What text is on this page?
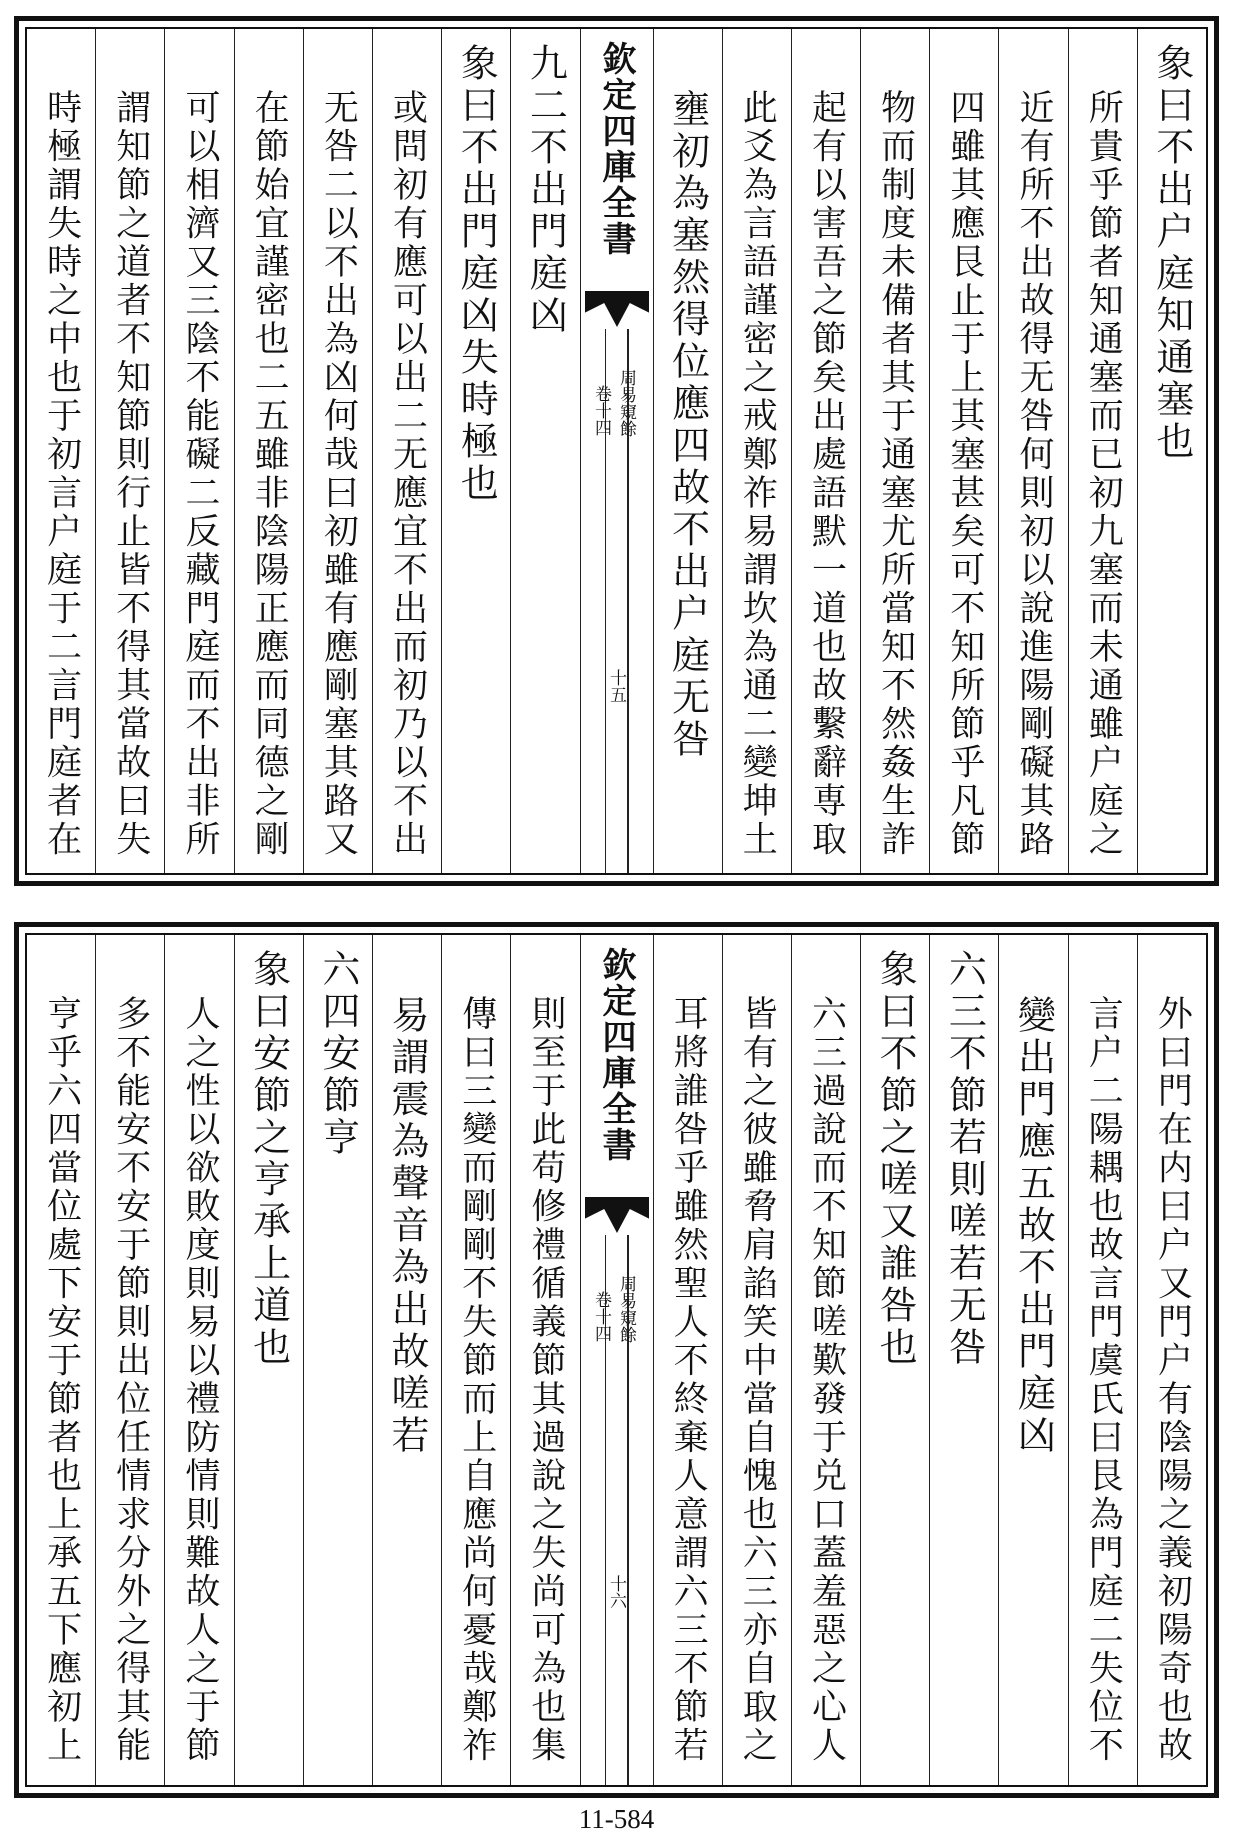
象曰不出户庭知通塞也
所貴乎節者知通塞而已初九塞而未通雖户庭之
近有所不出故得无咎何則初以說進陽剛礙其路
四雖其應艮止于上其塞甚矣可不知所節乎凡節
物而制度未備者其于通塞尤所當知不然姦生詐
起有以害吾之節矣出處語默一道也故繫辭専取
此爻為言語謹密之戒鄭祚易謂坎為通二變坤土
壅初為塞然得位應四故不出户庭无咎
欽定四庫全書
周易窺餘
卷十四
十五
九二不出門庭凶
象曰不出門庭凶失時極也
或問初有應可以出二无應宜不出而初乃以不出
无咎二以不出為凶何哉曰初雖有應剛塞其路又
在節始宜謹密也二五雖非陰陽正應而同德之剛
可以相濟又三陰不能礙二反藏門庭而不出非所
謂知節之道者不知節則行止皆不得其當故曰失
時極謂失時之中也于初言户庭于二言門庭者在
外曰門在内曰户又門户有陰陽之義初陽奇也故
言户二陽耦也故言門虞氏曰艮為門庭二失位不
變出門應五故不出門庭凶
六三不節若則嗟若无咎
象曰不節之嗟又誰咎也
六三過說而不知節嗟歎發于兑口蓋羞惡之心人
皆有之彼雖脅肩諂笑中當自愧也六三亦自取之
耳將誰咎乎雖然聖人不終棄人意謂六三不節若
欽定四庫全書
周易窺餘
卷十四
十六
則至于此苟修禮循義節其過說之失尚可為也集
傳曰三變而剛剛不失節而上自應尚何憂哉鄭祚
易謂震為聲音為出故嗟若
六四安節亨
象曰安節之亨承上道也
人之性以欲敗度則易以禮防情則難故人之于節
多不能安不安于節則出位任情求分外之得其能
亨乎六四當位處下安于節者也上承五下應初上
11-584
